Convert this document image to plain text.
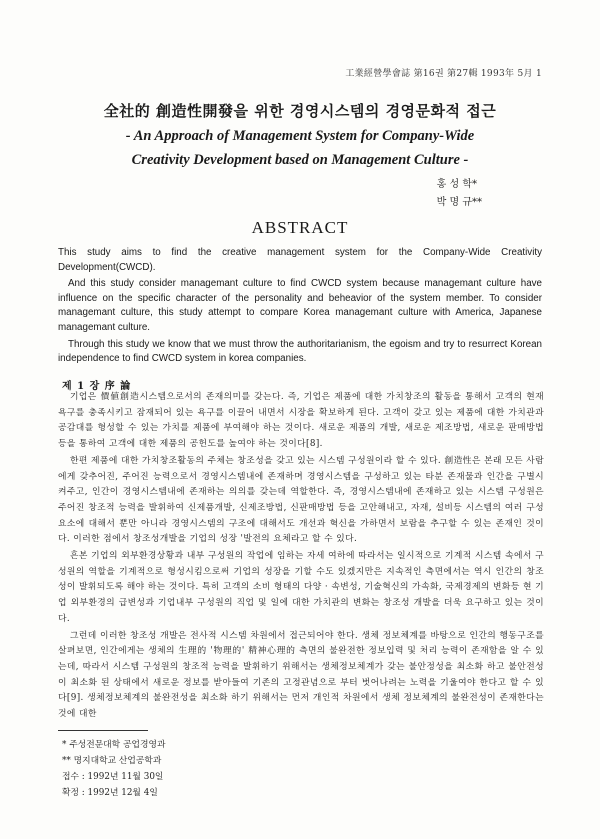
工業經營學會誌 第16권 第27輯 1993年 5月 1
全社的 創造性開發을 위한 경영시스템의 경영문화적 접근
- An Approach of Management System for Company-Wide
Creativity Development based on Management Culture -
홍 성 학*
박 명 규**
ABSTRACT

This study aims to find the creative management system for the Company-Wide Creativity Development(CWCD).

And this study consider managemant culture to find CWCD system because managemant culture have influence on the specific character of the personality and beheavior of the system member. To consider managemant culture, this study attempt to compare Korea managemant culture with America, Japanese managemant culture.

Through this study we know that we must throw the authoritarianism, the egoism and try to resurrect Korean independence to find CWCD system in korea companies.

제 1 장 序 論

기업은 價値創造시스템으로서의 존재의미를 갖는다. 즉, 기업은 제품에 대한 가치창조의 활동을 통해서 고객의 현재 욕구를 충족시키고 잠재되어 있는 욕구를 이끌어 내면서 시장을 확보하게 된다. 고객이 갖고 있는 제품에 대한 가치관과 공감대를 형성할 수 있는 가치를 제품에 부여해야 하는 것이다. 새로운 제품의 개발, 새로운 제조방법, 새로운 판매방법 등을 통하여 고객에 대한 제품의 공헌도를 높여야 하는 것이다[8].

한편 제품에 대한 가치창조활동의 주체는 창조성을 갖고 있는 시스템 구성원이라 할 수 있다. 創造性은 본래 모든 사람에게 갖추어진, 주어진 능력으로서 경영시스템내에 존재하며 경영시스템을 구성하고 있는 타분 존재물과 인간을 구별시켜주고, 인간이 경영시스템내에 존재하는 의의를 갖는데 역할한다. 즉, 경영시스템내에 존재하고 있는 시스템 구성원은 주어진 창조적 능력을 발휘하여 신제품개발, 신제조방법, 신판매방법 등을 고안해내고, 자재, 설비등 시스템의 여러 구성요소에 대해서 뿐만 아니라 경영시스템의 구조에 대해서도 개선과 혁신을 가하면서 보람을 추구할 수 있는 존재인 것이다. 이러한 점에서 창조성개발을 기업의 성장 '발전의 요체라고 할 수 있다.

흔본 기업의 외부환경상황과 내부 구성원의 작업에 임하는 자세 여하에 따라서는 일시적으로 기계적 시스템 속에서 구성원의 역할을 기계적으로 형성시킴으로써 기업의 성장을 기할 수도 있겠지만은 지속적인 측면에서는 역시 인간의 창조성이 발휘되도록 해야 하는 것이다. 특히 고객의 소비 형태의 다양 · 속변성, 기술혁신의 가속화, 국제경제의 변화등 현 기업 외부환경의 급변성과 기업내부 구성원의 직업 및 일에 대한 가치관의 변화는 창조성 개발을 더욱 요구하고 있는 것이다.

그런데 이러한 창조성 개발은 전사적 시스템 차원에서 접근되어야 한다. 생체 정보체계를 바탕으로 인간의 행동구조를 살펴보면, 인간에게는 생체의 生理的 '物理的' 精神心理的 측면의 불완전한 정보입력 및 처리 능력이 존재함을 알 수 있는데, 따라서 시스템 구성원의 창조적 능력을 발휘하기 위해서는 생체정보체계가 갖는 불안정성을 최소화 하고 불안전성이 최소화 된 상태에서 새로운 정보를 받아들여 기존의 고정관념으로 부터 벗어나려는 노력을 기울여야 한다고 할 수 있다[9]. 생체정보체계의 불완전성을 최소화 하기 위해서는 먼저 개인적 차원에서 생체 정보체계의 불완전성이 존재한다는 것에 대한

* 주성전문대학 공업경영과
** 명지대학교 산업공학과
접수 : 1992년 11월 30일
확정 : 1992년 12월 4일
